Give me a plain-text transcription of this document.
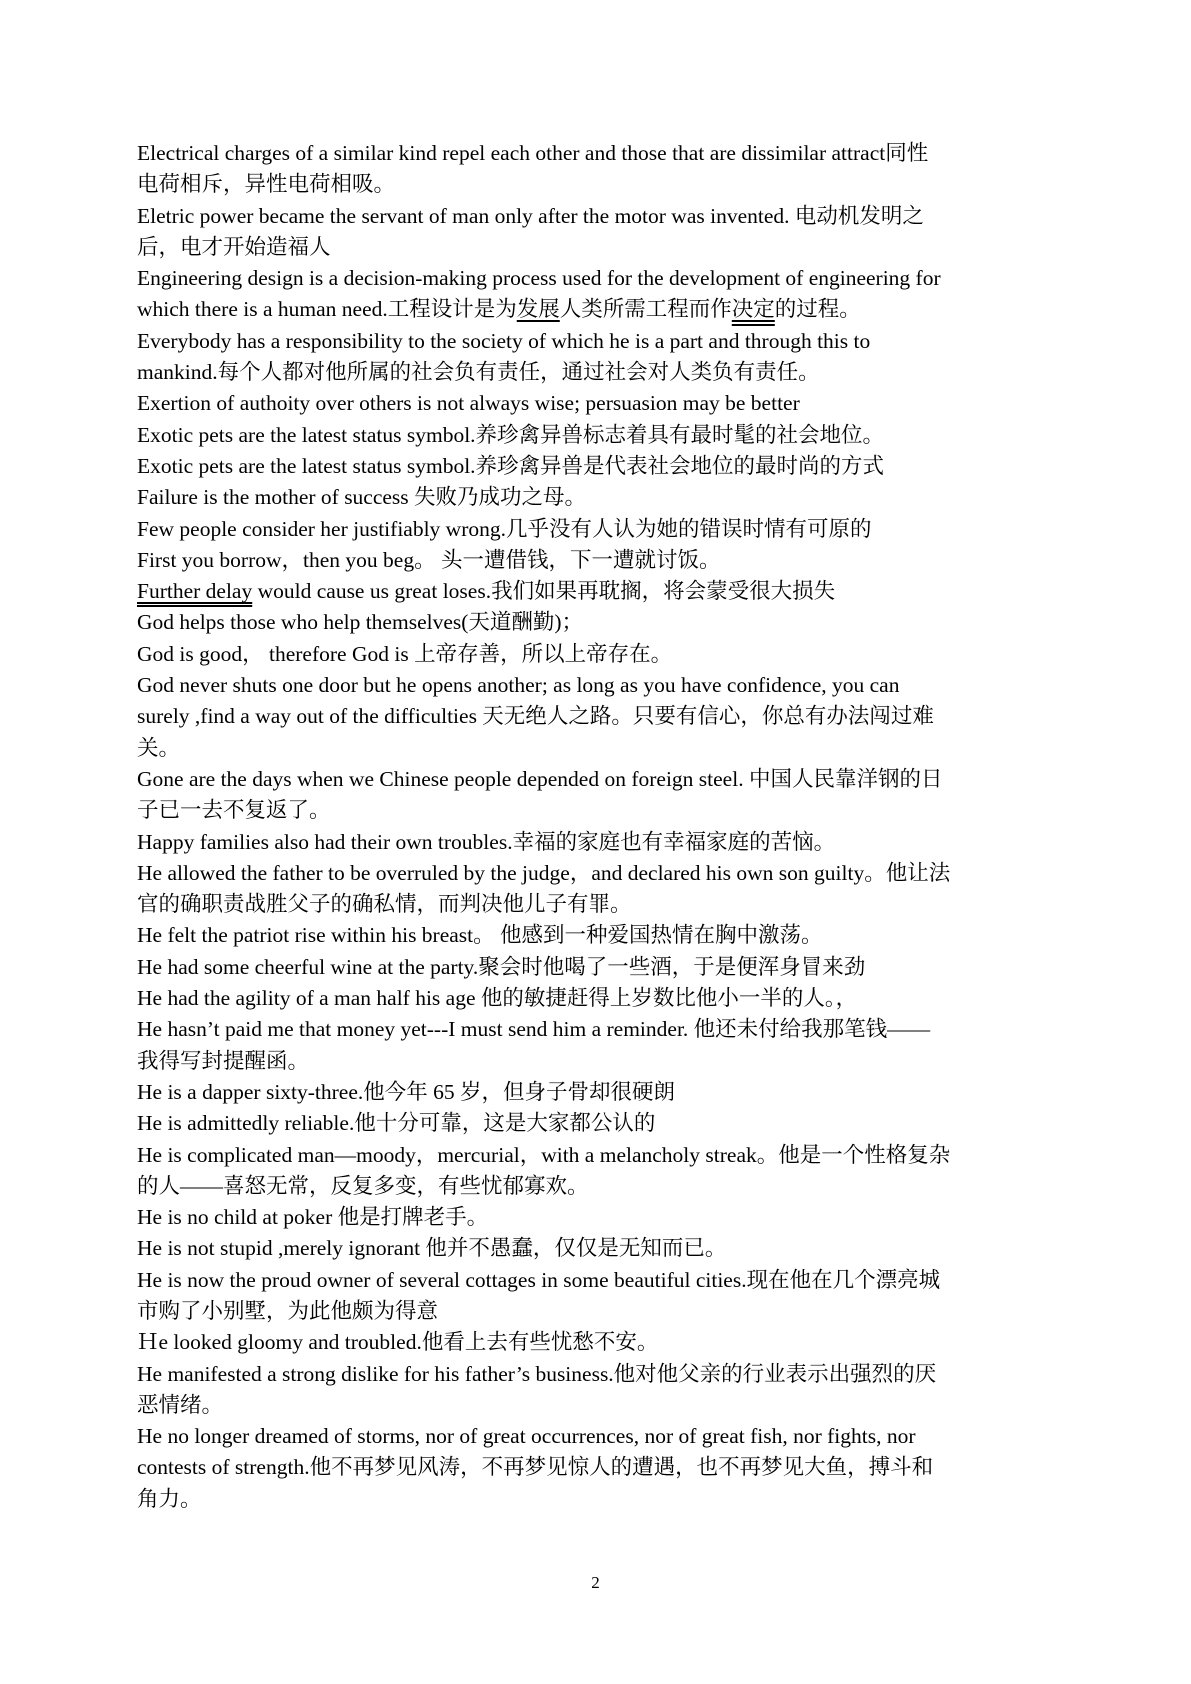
Electrical charges of a similar kind repel each other and those that are dissimilar attract同性
电荷相斥，异性电荷相吸。
Eletric power became the servant of man only after the motor was invented. 电动机发明之
后，电才开始造福人
Engineering design is a decision-making process used for the development of engineering for
which there is a human need.工程设计是为发展人类所需工程而作决定的过程。
Everybody has a responsibility to the society of which he is a part and through this to
mankind.每个人都对他所属的社会负有责任，通过社会对人类负有责任。
Exertion of authoity over others is not always wise; persuasion may be better
Exotic pets are the latest status symbol.养珍禽异兽标志着具有最时髦的社会地位。
Exotic pets are the latest status symbol.养珍禽异兽是代表社会地位的最时尚的方式
Failure is the mother of success 失败乃成功之母。
Few people consider her justifiably wrong.几乎没有人认为她的错误时情有可原的
First you borrow，then you beg。 头一遭借钱，下一遭就讨饭。
Further delay would cause us great loses.我们如果再耽搁，将会蒙受很大损失
God helps those who help themselves(天道酬勤)；
God is good， therefore God is 上帝存善，所以上帝存在。
God never shuts one door but he opens another; as long as you have confidence, you can
surely ,find a way out of the difficulties 天无绝人之路。只要有信心，你总有办法闯过难
关。
Gone are the days when we Chinese people depended on foreign steel. 中国人民靠洋钢的日
子已一去不复返了。
Happy families also had their own troubles.幸福的家庭也有幸福家庭的苦恼。
He allowed the father to be overruled by the judge，and declared his own son guilty。他让法
官的确职责战胜父子的确私情，而判决他儿子有罪。
He felt the patriot rise within his breast。 他感到一种爱国热情在胸中激荡。
He had some cheerful wine at the party.聚会时他喝了一些酒，于是便浑身冒来劲
He had the agility of a man half his age 他的敏捷赶得上岁数比他小一半的人。，
He hasn’t paid me that money yet---I must send him a reminder. 他还未付给我那笔钱——
我得写封提醒函。
He is a dapper sixty-three.他今年 65 岁，但身子骨却很硬朗
He is admittedly reliable.他十分可靠，这是大家都公认的
He is complicated man—moody，mercurial，with a melancholy streak。他是一个性格复杂
的人——喜怒无常，反复多变，有些忧郁寡欢。
He is no child at poker 他是打牌老手。
He is not stupid ,merely ignorant 他并不愚蠢，仅仅是无知而已。
He is now the proud owner of several cottages in some beautiful cities.现在他在几个漂亮城
市购了小别墅，为此他颇为得意
Ｈe looked gloomy and troubled.他看上去有些忧愁不安。
He manifested a strong dislike for his father’s business.他对他父亲的行业表示出强烈的厌
恶情绪。
He no longer dreamed of storms, nor of great occurrences, nor of great fish, nor fights, nor
contests of strength.他不再梦见风涛，不再梦见惊人的遭遇，也不再梦见大鱼，搏斗和
角力。
2
